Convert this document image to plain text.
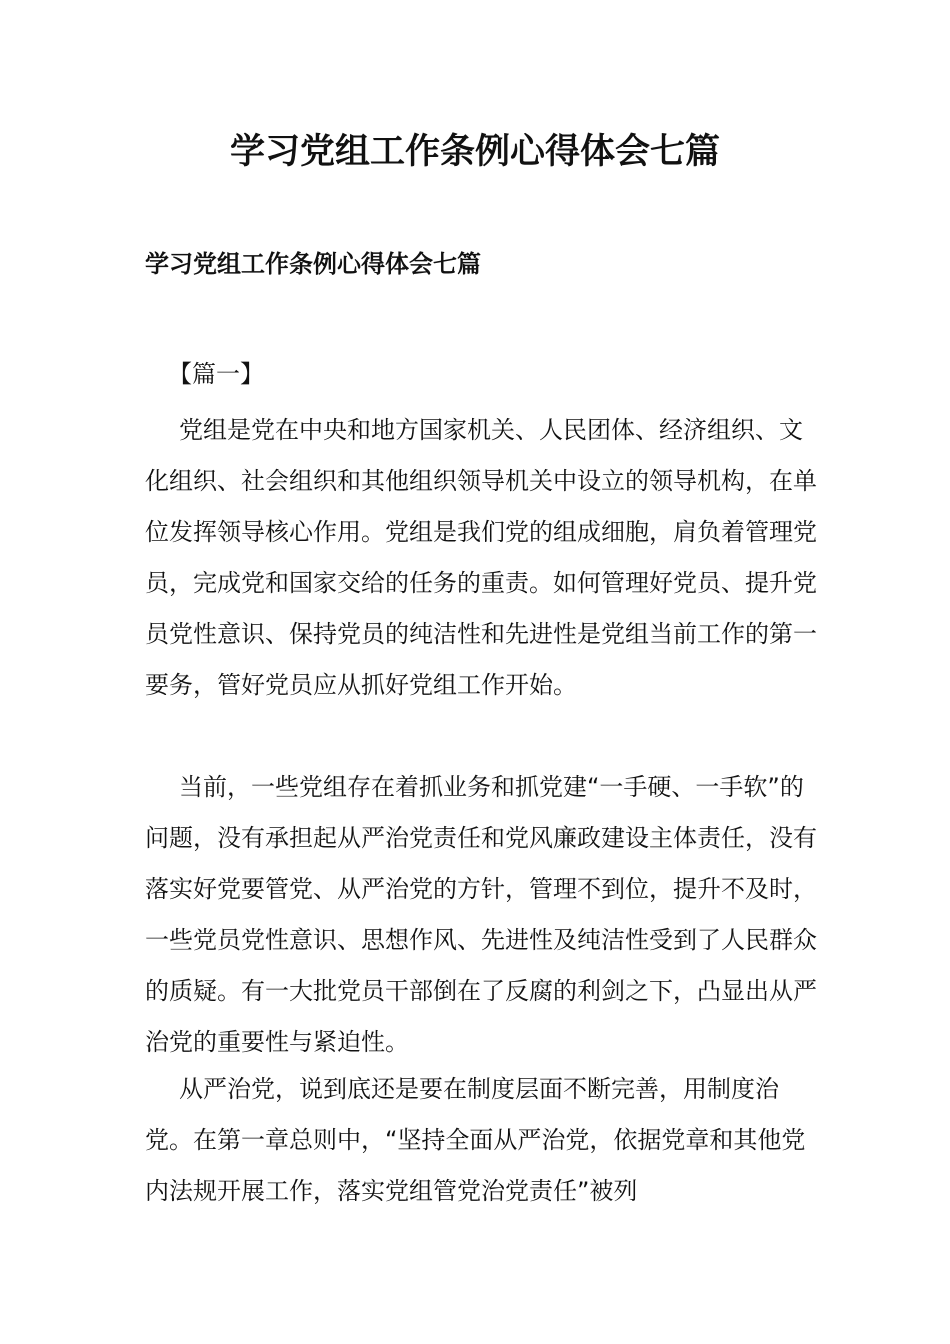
学习党组工作条例心得体会七篇
学习党组工作条例心得体会七篇

【篇一】

党组是党在中央和地方国家机关、人民团体、经济组织、文化组织、社会组织和其他组织领导机关中设立的领导机构，在单位发挥领导核心作用。党组是我们党的组成细胞，肩负着管理党员，完成党和国家交给的任务的重责。如何管理好党员、提升党员党性意识、保持党员的纯洁性和先进性是党组当前工作的第一要务，管好党员应从抓好党组工作开始。

当前，一些党组存在着抓业务和抓党建“一手硬、一手软”的问题，没有承担起从严治党责任和党风廉政建设主体责任，没有落实好党要管党、从严治党的方针，管理不到位，提升不及时，一些党员党性意识、思想作风、先进性及纯洁性受到了人民群众的质疑。有一大批党员干部倒在了反腐的利剑之下，凸显出从严治党的重要性与紧迫性。

从严治党，说到底还是要在制度层面不断完善，用制度治党。在第一章总则中，“坚持全面从严治党，依据党章和其他党内法规开展工作，落实党组管党治党责任”被列
